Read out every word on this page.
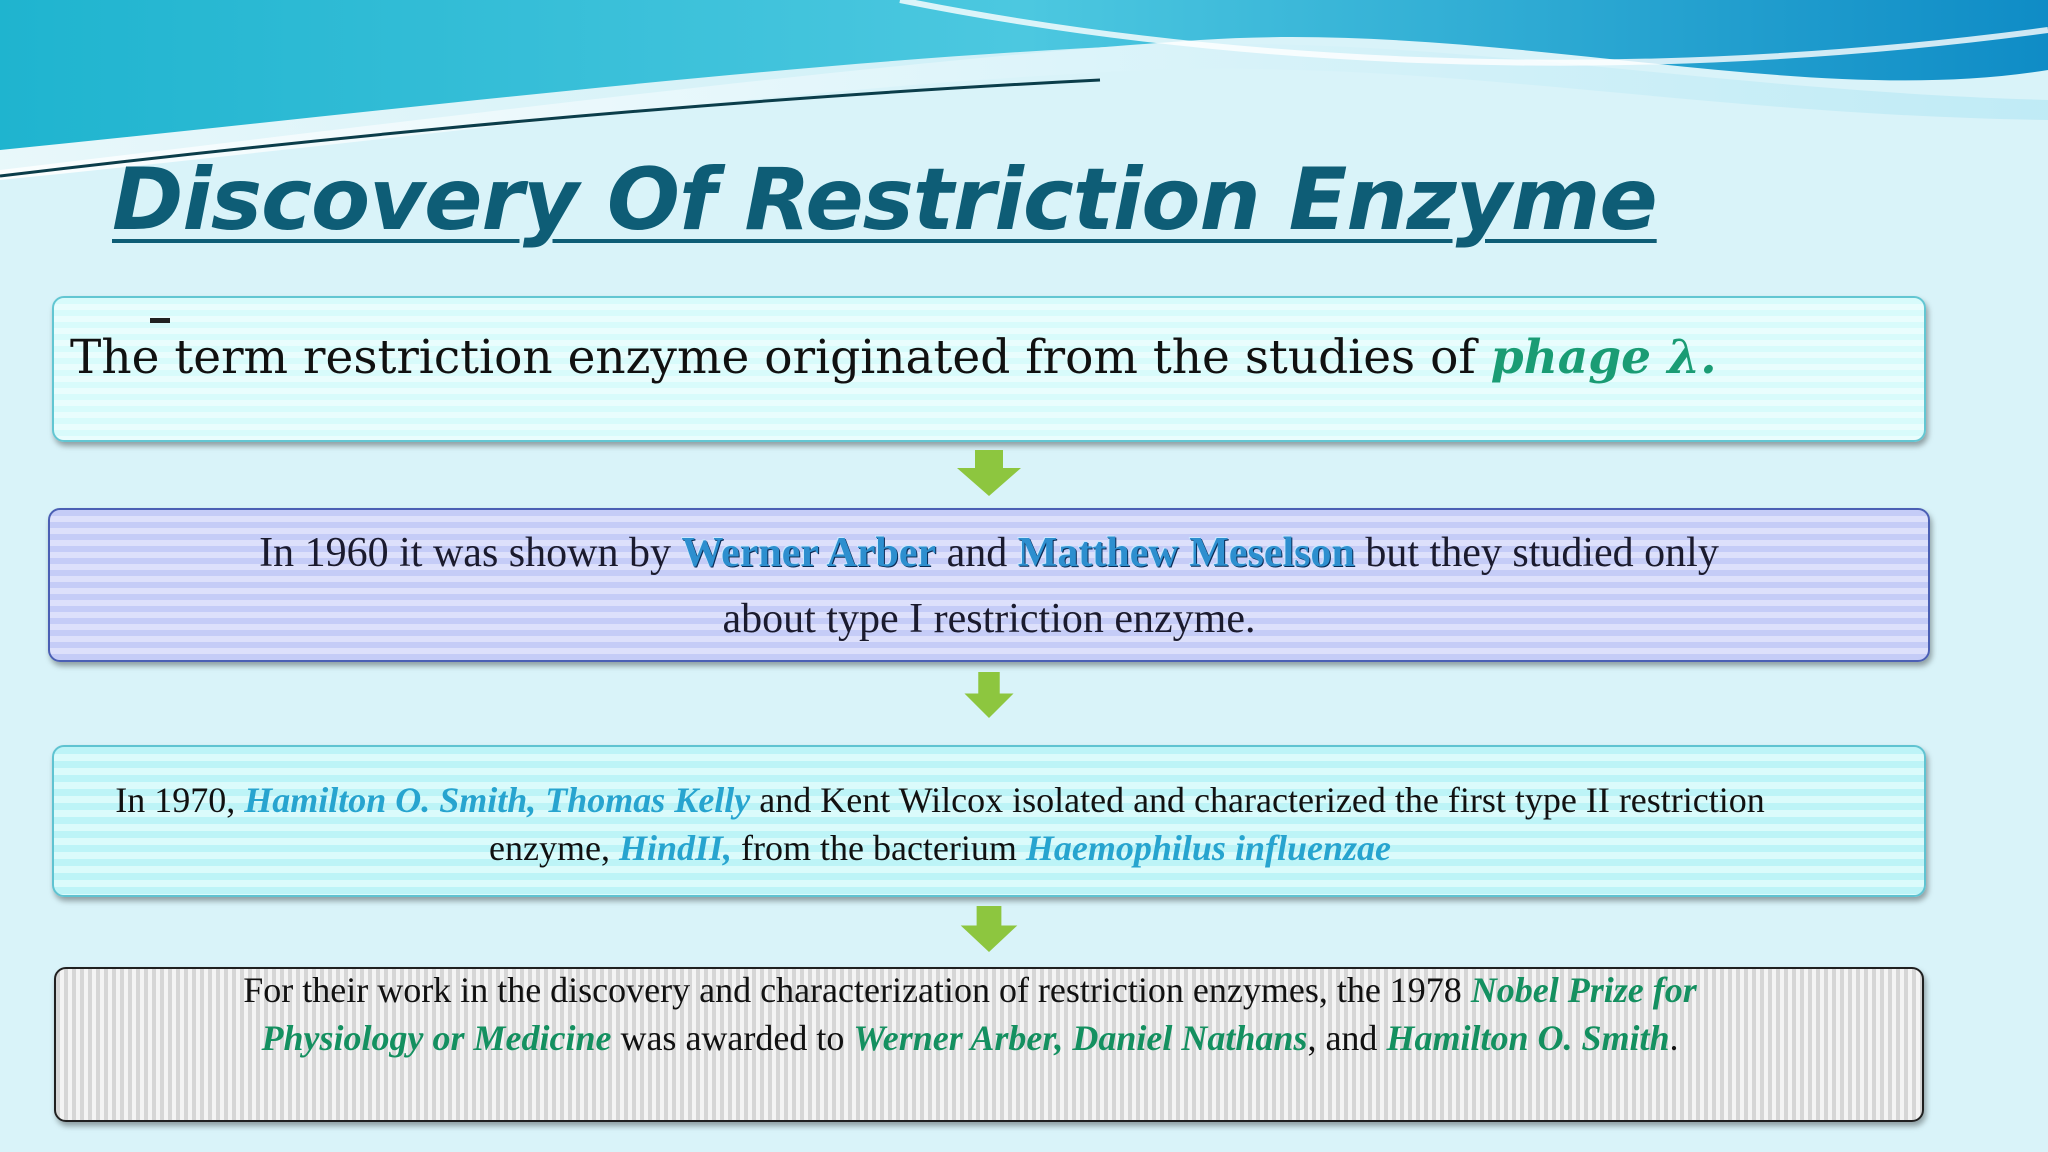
Discovery Of Restriction Enzyme
The term restriction enzyme originated from the studies of phage λ.
In 1960 it was shown by Werner Arber and Matthew Meselson but they studied only
about type I restriction enzyme.
In 1970, Hamilton O. Smith, Thomas Kelly and Kent Wilcox isolated and characterized the first type II restriction
enzyme, HindII, from the bacterium Haemophilus influenzae
For their work in the discovery and characterization of restriction enzymes, the 1978 Nobel Prize for
Physiology or Medicine was awarded to Werner Arber, Daniel Nathans, and Hamilton O. Smith.
